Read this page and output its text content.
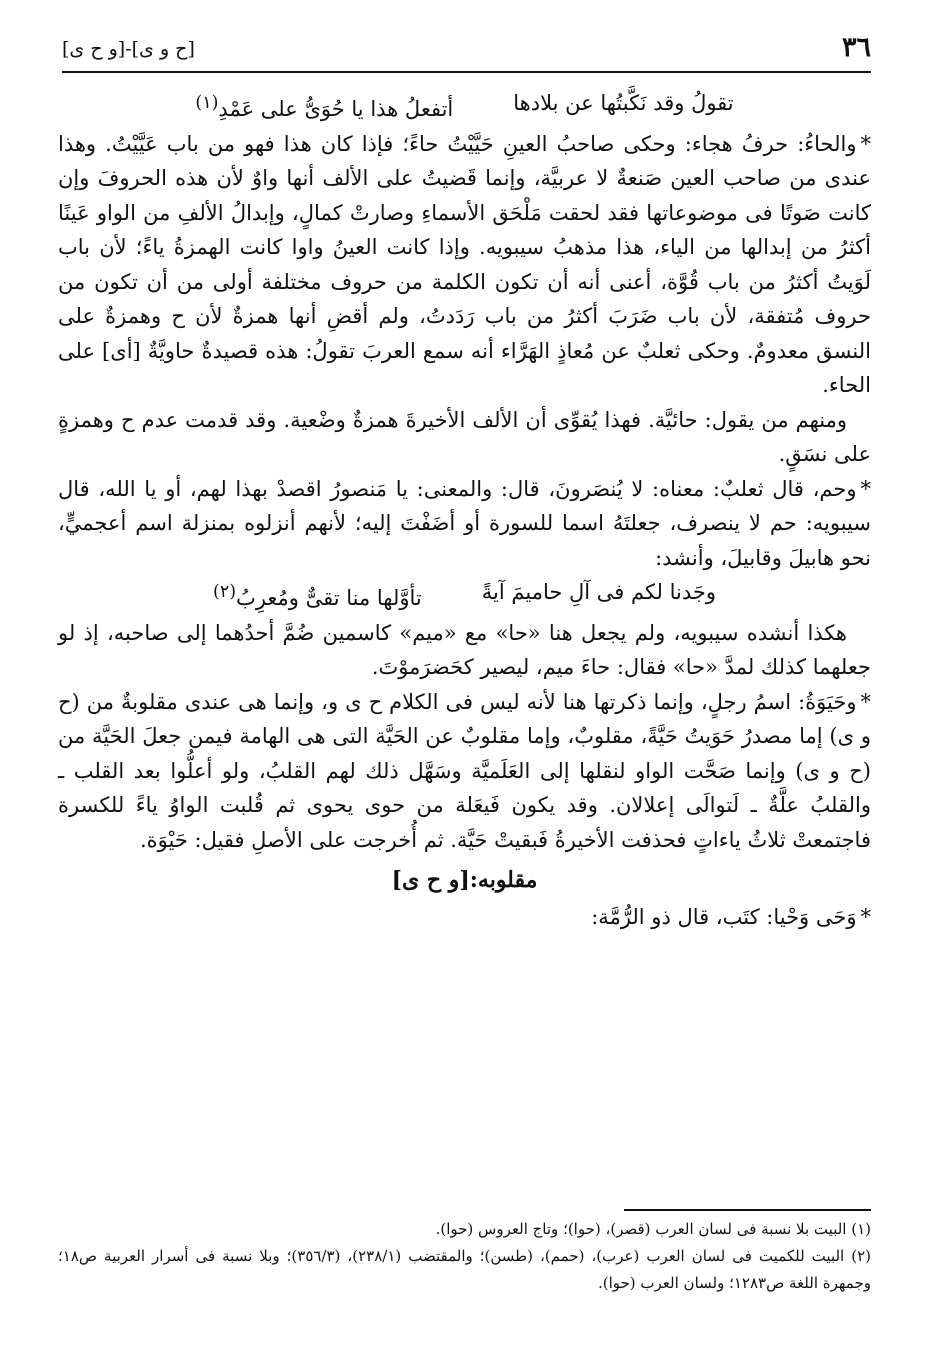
٣٦
[ح و ى]-[و ح ى]
تقولُ وقد نَكَّبتُها عن بلادها
أتفعلُ هذا يا حُوَىُّ على عَمْدِ$^{(١)}$

*والحاءُ: حرفُ هجاء: وحكى صاحبُ العينِ حَيَّيْتُ حاءً؛ فإذا كان هذا فهو من باب عَيَّيْتُ. وهذا عندى من صاحب العين صَنعةٌ لا عربيَّة، وإنما قَضيتُ على الألف أنها واوٌ لأن هذه الحروفَ وإن كانت صَوتًا فى موضوعاتها فقد لحقت مَلْحَق الأسماءِ وصارتْ كمالٍ، وإبدالُ الألفِ من الواو عَينًا أكثرُ من إبدالها من الياء، هذا مذهبُ سيبويه. وإذا كانت العينُ واوا كانت الهمزةُ ياءً؛ لأن باب لَوَيتُ أكثرُ من باب قُوَّة، أعنى أنه أن تكون الكلمة من حروف مختلفة أولى من أن تكون من حروف مُتفقة، لأن باب ضَرَبَ أكثرُ من باب رَدَدتُ، ولم أقضِ أنها همزةٌ لأن ح وهمزةٌ على النسق معدومٌ. وحكى ثعلبٌ عن مُعاذٍ الهَرَّاء أنه سمع العربَ تقولُ: هذه قصيدةٌ حاويَّةٌ [أى] على الحاء.

ومنهم من يقول: حائيَّة. فهذا يُقوِّى أن الألف الأخيرةَ همزةٌ وضْعية. وقد قدمت عدم ح وهمزةٍ على نسَقٍ.

*وحم، قال ثعلبٌ: معناه: لا يُنصَرونَ، قال: والمعنى: يا مَنصورُ اقصدْ بهذا لهم، أو يا الله، قال سيبويه: حم لا ينصرف، جعلتَهُ اسما للسورة أو أضَفْتَ إليه؛ لأنهم أنزلوه بمنزلة اسم أعجميٍّ، نحو هابيلَ وقابيلَ، وأنشد:

وجَدنا لكم فى آلِ حاميمَ آيةً
تأوَّلها منا تقىٌّ ومُعرِبُ$^{(٢)}$

هكذا أنشده سيبويه، ولم يجعل هنا «حا» مع «ميم» كاسمين ضُمَّ أحدُهما إلى صاحبه، إذ لو جعلهما كذلك لمدَّ «حا» فقال: حاءَ ميم، ليصير كحَضرَموْتَ.

*وحَيَوَةُ: اسمُ رجلٍ، وإنما ذكرتها هنا لأنه ليس فى الكلام ح ى و، وإنما هى عندى مقلوبةٌ من (ح و ى) إما مصدرُ حَوَيتُ حَيَّةً، مقلوبٌ، وإما مقلوبٌ عن الحَيَّة التى هى الهامة فيمن جعلَ الحَيَّة من (ح و ى) وإنما صَحَّت الواو لنقلها إلى العَلَميَّة وسَهَّل ذلك لهم القلبُ، ولو أعلُّوا بعد القلب ـ والقلبُ علَّةٌ ـ لَتوالَى إعلالان. وقد يكون فَيعَلة من حوى يحوى ثم قُلبت الواوُ ياءً للكسرة فاجتمعتْ ثلاثُ ياءاتٍ فحذفت الأخيرةُ فَبقيتْ حَيَّة. ثم أُخرجت على الأصلِ فقيل: حَيْوَة.

مقلوبه:[و ح ى]

*وَحَى وَحْيا: كتَب، قال ذو الرُّمَّة:

(١) البيت بلا نسبة فى لسان العرب (قصر)، (حوا)؛ وتاج العروس (حوا).

(٢) البيت للكميت فى لسان العرب (عرب)، (حمم)، (طسن)؛ والمقتضب (٢٣٨/١)، (٣٥٦/٣)؛ وبلا نسبة فى أسرار العربية ص١٨؛ وجمهرة اللغة ص١٢٨٣؛ ولسان العرب (حوا).
